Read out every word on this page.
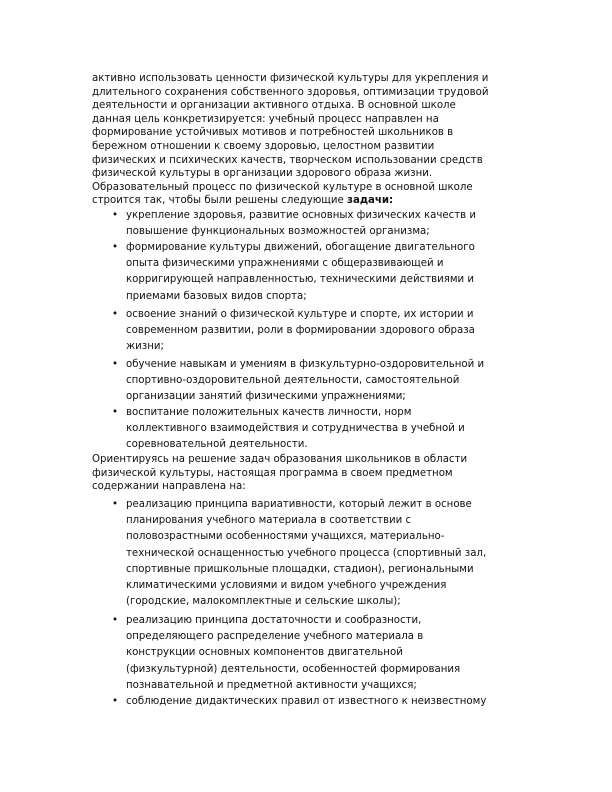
активно использовать ценности физической культуры для укрепления и
длительного сохранения собственного здоровья, оптимизации трудовой
деятельности и организации активного отдыха. В основной школе
данная цель конкретизируется: учебный процесс направлен на
формирование устойчивых мотивов и потребностей школьников в
бережном отношении к своему здоровью, целостном развитии
физических и психических качеств, творческом использовании средств
физической культуры в организации здорового образа жизни.
Образовательный процесс по физической культуре в основной школе
строится так, чтобы были решены следующие задачи:
• укрепление здоровья, развитие основных физических качеств и
повышение функциональных возможностей организма;
• формирование культуры движений, обогащение двигательного
опыта физическими упражнениями с общеразвивающей и
корригирующей направленностью, техническими действиями и
приемами базовых видов спорта;
• освоение знаний о физической культуре и спорте, их истории и
современном развитии, роли в формировании здорового образа
жизни;
• обучение навыкам и умениям в физкультурно-оздоровительной и
спортивно-оздоровительной деятельности, самостоятельной
организации занятий физическими упражнениями;
• воспитание положительных качеств личности, норм
коллективного взаимодействия и сотрудничества в учебной и
соревновательной деятельности.
Ориентируясь на решение задач образования школьников в области
физической культуры, настоящая программа в своем предметном
содержании направлена на:
• реализацию принципа вариативности, который лежит в основе
планирования учебного материала в соответствии с
половозрастными особенностями учащихся, материально-
технической оснащенностью учебного процесса (спортивный зал,
спортивные пришкольные площадки, стадион), региональными
климатическими условиями и видом учебного учреждения
(городские, малокомплектные и сельские школы);
• реализацию принципа достаточности и сообразности,
определяющего распределение учебного материала в
конструкции основных компонентов двигательной
(физкультурной) деятельности, особенностей формирования
познавательной и предметной активности учащихся;
• соблюдение дидактических правил от известного к неизвестному
